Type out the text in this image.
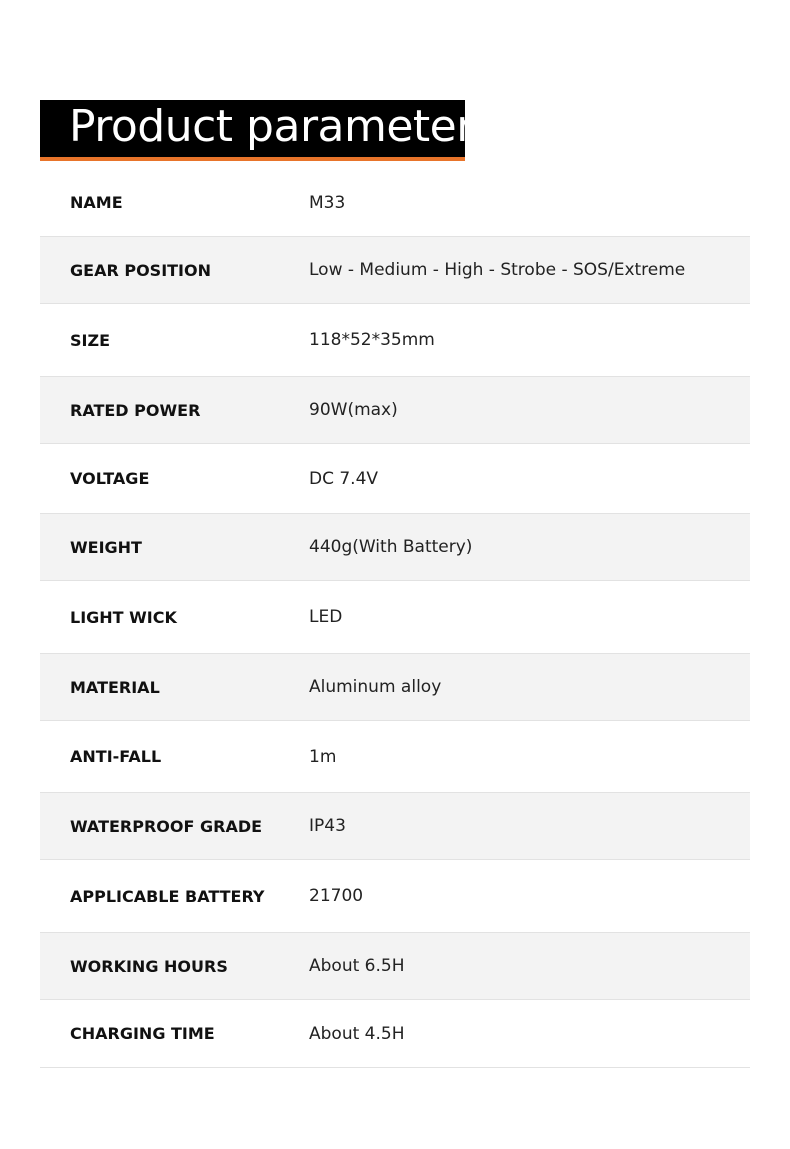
Product parameter
NAME	M33
GEAR POSITION	Low - Medium - High - Strobe - SOS/Extreme
SIZE	118*52*35mm
RATED POWER	90W(max)
VOLTAGE	DC 7.4V
WEIGHT	440g(With Battery)
LIGHT WICK	LED
MATERIAL	Aluminum alloy
ANTI-FALL	1m
WATERPROOF GRADE	IP43
APPLICABLE BATTERY	21700
WORKING HOURS	About 6.5H
CHARGING TIME	About 4.5H
